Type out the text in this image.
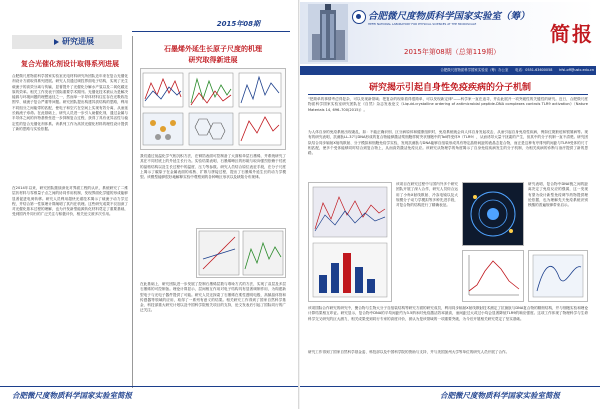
2015年08期
研究进展
复合光催化剂设计取得系列进展
合肥微尺度物质科学国家实验室光电材料研究所团队近年来在复合光催化剂设计方面取得系列进展。研究人员通过调控界面电子结构，实现了光生载流子的高效分离与传输，显著提升了光催化分解水产氢以及二氧化碳还原的效率。相关工作发表于国际重要学术期刊。光催化技术被认为是解决能源与环境问题的理想途径之一，然而单一半导体材料往往存在光吸收范围窄、载流子复合严重等问题。研究团队提出构建异质结构的思路，利用不同组分之间能带的匹配，使电子和空穴在空间上实现有效分离，从而延长载流子寿命。在此基础上，研究人员进一步引入助催化剂，通过金属与半导体之间的肖特基势垒进一步抑制复合过程，获得了具有优异活性与稳定性的复合光催化剂体系。该系列工作为高效光催化材料的理性设计提供了新的思路与实验依据。
在2014年以来，研究团队继续深化对界面工程的认识，系统研究了二维层状材料与零维量子点之间的协同作用机制，发现界面化学键的形成能够显著促进电荷转移。研究人员利用超快光谱技术揭示了载流子动力学过程，并结合第一性原理计算阐明了其内在机理。这些研究成果不仅加深了对光催化基本过程的理解，也为开发新型能源转化材料奠定了重要基础，受到国内外同行的广泛关注与积极评价，相关论文被多次引用。
石墨烯外延生长原子尺度的机理
研究取得新进展
我们通过低温化学气相沉积方法，在铜箔表面可控制备了大面积单层石墨烯，并系统研究了其在不同衬底上的外延生长行为。实验结果表明，石墨烯畴区的形貌与取向强烈依赖于衬底的晶格结构以及生长过程中的温度、压力等参数。研究人员结合原位表征手段，在分子尺度上揭示了碳原子在金属表面的成核、扩散与拼接过程，提出了石墨烯外延生长的动力学模型。该模型能够很好地解释实验中观察到的各种畴区形状以及缺陷分布规律。
在此基础上，研究团队进一步发展了控制石墨烯层数与堆垛方式的方法，实现了双层及多层石墨烯的可控制备。理论计算显示，层间相互作用对电子结构具有显著调制作用，为构建新型电子与光电子器件提供了可能。研究人员还探索了石墨烯在柔性透明电极、高频晶体管和传感器等领域的应用，取得了一系列有意义的结果。相关研究工作得到了国家自然科学基金、科技部重大研究计划以及中国科学院相关项目的支持，论文发表后引起了国际同行的广泛关注。
合肥微尺度物质科学国家实验室简报
合肥微尺度物质科学国家实验室（筹）
HEFEI NATIONAL LABORATORY FOR PHYSICAL SCIENCES AT THE MICROSCALE	简报
2015年第08期（总第119期）
合肥微尺度物质科学国家实验室（筹）办公室　　电话：0551-63600058　　hfsl-off@ustc.edu.cn
研究揭示引起自身性免疫疾病的分子机制
"把简单的事情考虑得复杂，可以发现新领域；把复杂的现象看得很简单，可以发现新定律"——科学家一直在追寻，并由此展开一项突破性的关键性的研究。近日，合肥微尺度物质科学国家实验室研究团队在《自然》杂志发表论文《Liquid-crystalline ordering of antimicrobial peptide-DNA complexes controls TLR9 activation》（Nature Materials 14, 696–700(2015)）。
为人体自身的免疫系统出现紊乱，如：不能正确识别、区分病原体和健康组织时，免疫系统就会向人体自身发起攻击，从而引起自身免疫性疾病，例如红斑狼疮和银屑病等。现有的研究表明，抗菌肽LL-37与DNA形成的复合物能够激活浆细胞样树突状细胞中的Toll样受体9（TLR9），从而诱导大量干扰素的产生，但其中的分子机制一直不清楚。研究团队结合同步辐射X射线散射、分子模拟和细胞免疫学实验，发现抗菌肽与DNA能够自组装形成具有特定晶格间距的液晶态复合物，而正是这种有序排列的间距与TLR9受体的尺寸相匹配，使多个受体能够同时结合到复合物上，从而高效激活免疫反应。该研究从物理学的角度揭示了自身免疫疾病发生的分子机制，为相关疾病的诊断与治疗提供了新的思路。
该项目在研究过程中与国内外多个研究团队开展了深入合作，研究人员综合运用了小角X射线散射、冷冻电镜以及大规模分子动力学模拟等多种先进手段，对复合物的结构进行了精确表征。
研究表明，复合物中DNA链之间的距离决定了免疫反应的强弱，这一发现有望为设计新型免疫调节药物提供理论依据，也为理解先天免疫系统识别核酸的普遍规律带来启示。
该项国际合作研究的研究中，聚合物与生物大分子自组装结构等研究方面的研究成员，利用同步辐射X射线散射技术测定了抗菌肽与DNA复合物的精细结构，并与细胞实验和理论计算结果相互印证。研究显示，复合物中DNA的平均间距约为3.5纳米时免疫激活效率最高，而间距过大或过小均会显著降低TLR9的响应强度。这项工作体现了物理科学与生命科学交叉研究的巨大潜力，相关成果受到同行专家的高度评价，被认为是该领域的一项重要突破，为今后开展相关研究奠定了坚实基础。
研究工作得到了国家自然科学基金委、科技部以及中国科学院的资助与支持，并与美国加州大学等单位的研究人员开展了合作。
合肥微尺度物质科学国家实验室简报
